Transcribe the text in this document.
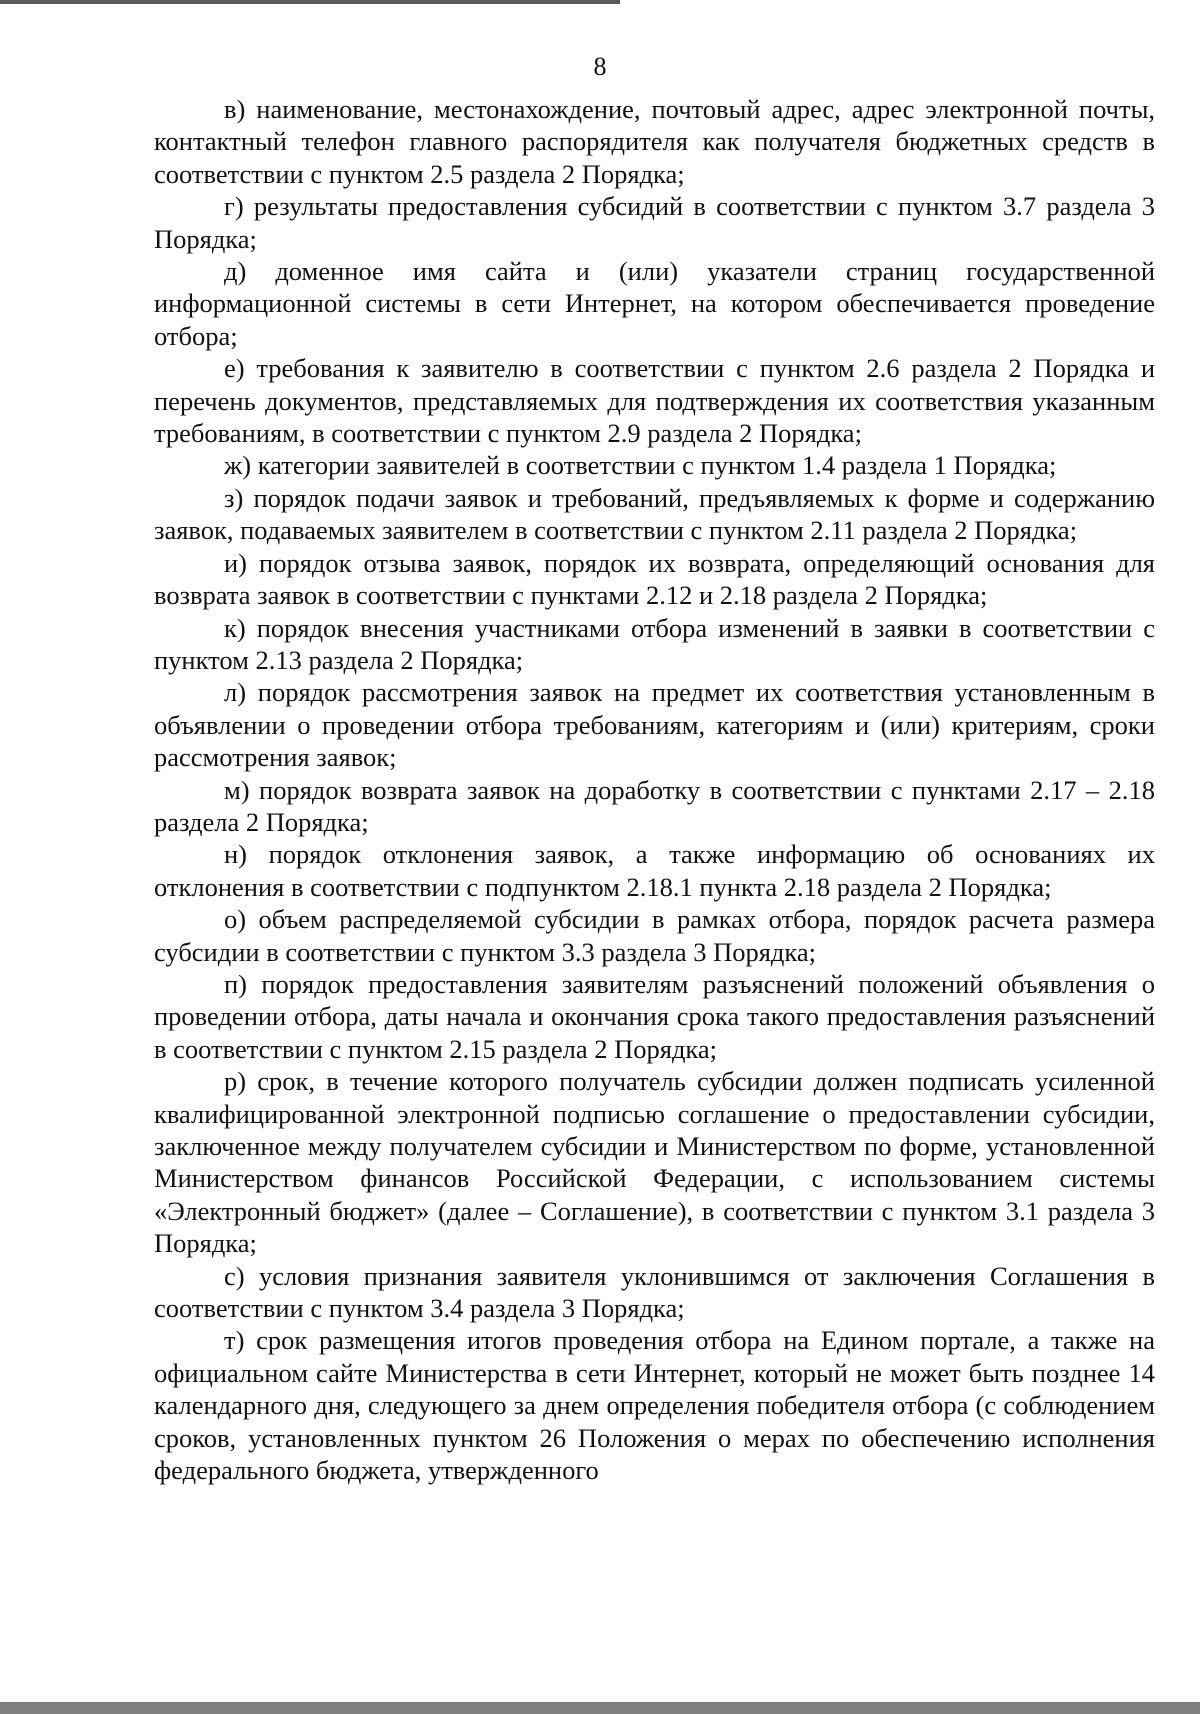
8

в) наименование, местонахождение, почтовый адрес, адрес электронной почты, контактный телефон главного распорядителя как получателя бюджетных средств в соответствии с пунктом 2.5 раздела 2 Порядка;

г) результаты предоставления субсидий в соответствии с пунктом 3.7 раздела 3 Порядка;

д) доменное имя сайта и (или) указатели страниц государственной информационной системы в сети Интернет, на котором обеспечивается проведение отбора;

е) требования к заявителю в соответствии с пунктом 2.6 раздела 2 Порядка и перечень документов, представляемых для подтверждения их соответствия указанным требованиям, в соответствии с пунктом 2.9 раздела 2 Порядка;

ж) категории заявителей в соответствии с пунктом 1.4 раздела 1 Порядка;

з) порядок подачи заявок и требований, предъявляемых к форме и содержанию заявок, подаваемых заявителем в соответствии с пунктом 2.11 раздела 2 Порядка;

и) порядок отзыва заявок, порядок их возврата, определяющий основания для возврата заявок в соответствии с пунктами 2.12 и 2.18 раздела 2 Порядка;

к) порядок внесения участниками отбора изменений в заявки в соответствии с пунктом 2.13 раздела 2 Порядка;

л) порядок рассмотрения заявок на предмет их соответствия установленным в объявлении о проведении отбора требованиям, категориям и (или) критериям, сроки рассмотрения заявок;

м) порядок возврата заявок на доработку в соответствии с пунктами 2.17 – 2.18 раздела 2 Порядка;

н) порядок отклонения заявок, а также информацию об основаниях их отклонения в соответствии с подпунктом 2.18.1 пункта 2.18 раздела 2 Порядка;

о) объем распределяемой субсидии в рамках отбора, порядок расчета размера субсидии в соответствии с пунктом 3.3 раздела 3 Порядка;

п) порядок предоставления заявителям разъяснений положений объявления о проведении отбора, даты начала и окончания срока такого предоставления разъяснений в соответствии с пунктом 2.15 раздела 2 Порядка;

р) срок, в течение которого получатель субсидии должен подписать усиленной квалифицированной электронной подписью соглашение о предоставлении субсидии, заключенное между получателем субсидии и Министерством по форме, установленной Министерством финансов Российской Федерации, с использованием системы «Электронный бюджет» (далее – Соглашение), в соответствии с пунктом 3.1 раздела 3 Порядка;

с) условия признания заявителя уклонившимся от заключения Соглашения в соответствии с пунктом 3.4 раздела 3 Порядка;

т) срок размещения итогов проведения отбора на Едином портале, а также на официальном сайте Министерства в сети Интернет, который не может быть позднее 14 календарного дня, следующего за днем определения победителя отбора (с соблюдением сроков, установленных пунктом 26 Положения о мерах по обеспечению исполнения федерального бюджета, утвержденного
